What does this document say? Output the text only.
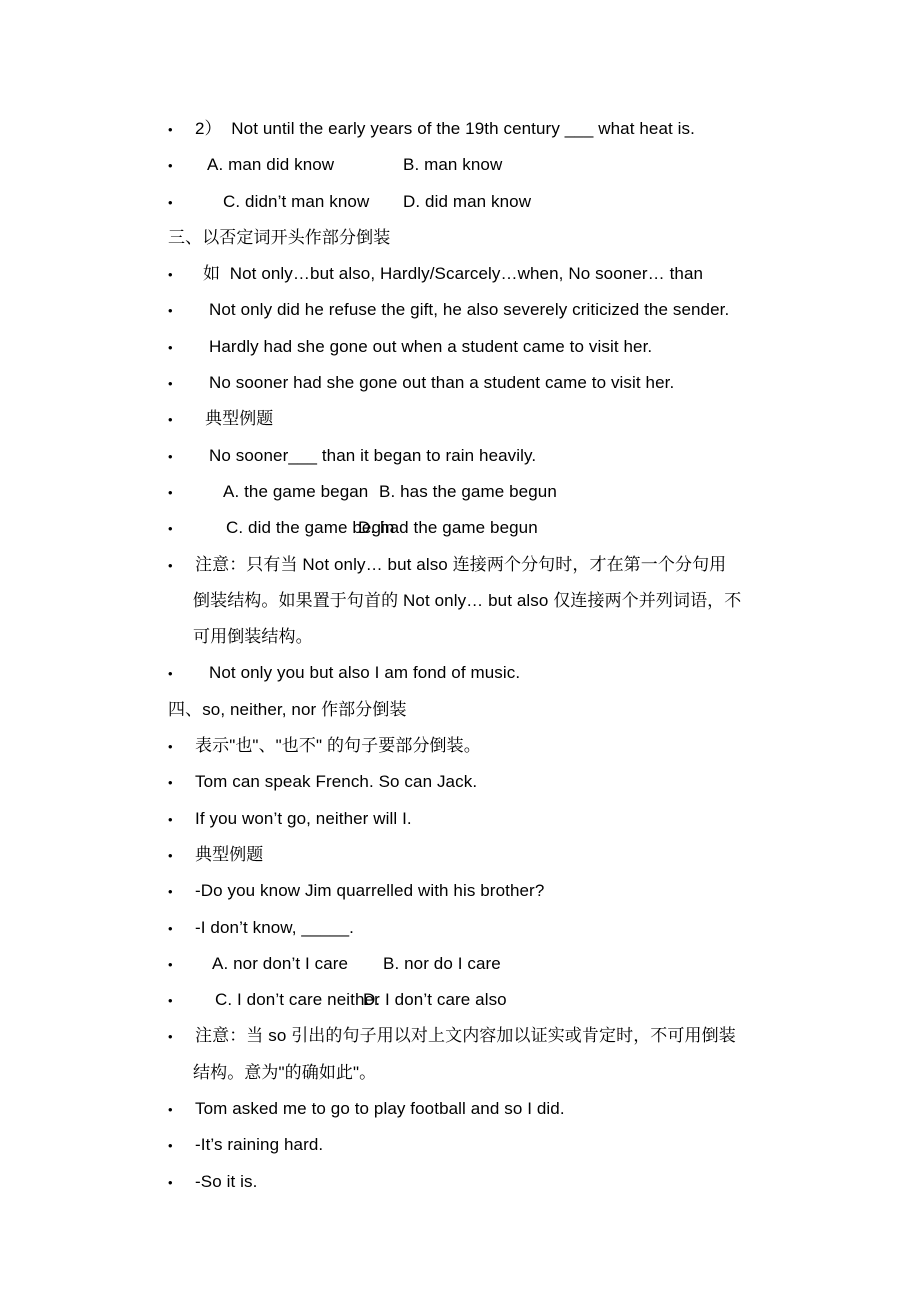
• 2）  Not until the early years of the 19th century ___ what heat is.
• A. man did know	B. man know
•	C. didn’t man know D. did man know
三、以否定词开头作部分倒装
• 如  Not only…but also, Hardly/Scarcely…when, No sooner… than
• Not only did he refuse the gift, he also severely criticized the sender.
• Hardly had she gone out when a student came to visit her.
• No sooner had she gone out than a student came to visit her.
• 典型例题
• No sooner___ than it began to rain heavily.
•	A. the game began B. has the game begun
•	C. did the game begin
D. had the game begun
• 注意：只有当 Not only… but also 连接两个分句时，才在第一个分句用
倒装结构。如果置于句首的 Not only… but also 仅连接两个并列词语，不
可用倒装结构。
• Not only you but also I am fond of music.
四、so, neither, nor 作部分倒装
• 表示"也"、"也不" 的句子要部分倒装。
• Tom can speak French. So can Jack.
• If you won’t go, neither will I.
• 典型例题
• -Do you know Jim quarrelled with his brother?
• -I don’t know, _____.
• A. nor don’t I care B. nor do I care
• C. I don’t care neither
D. I don’t care also
• 注意：当 so 引出的句子用以对上文内容加以证实或肯定时，不可用倒装
结构。意为"的确如此"。
• Tom asked me to go to play football and so I did.
• -It’s raining hard.
• -So it is.
